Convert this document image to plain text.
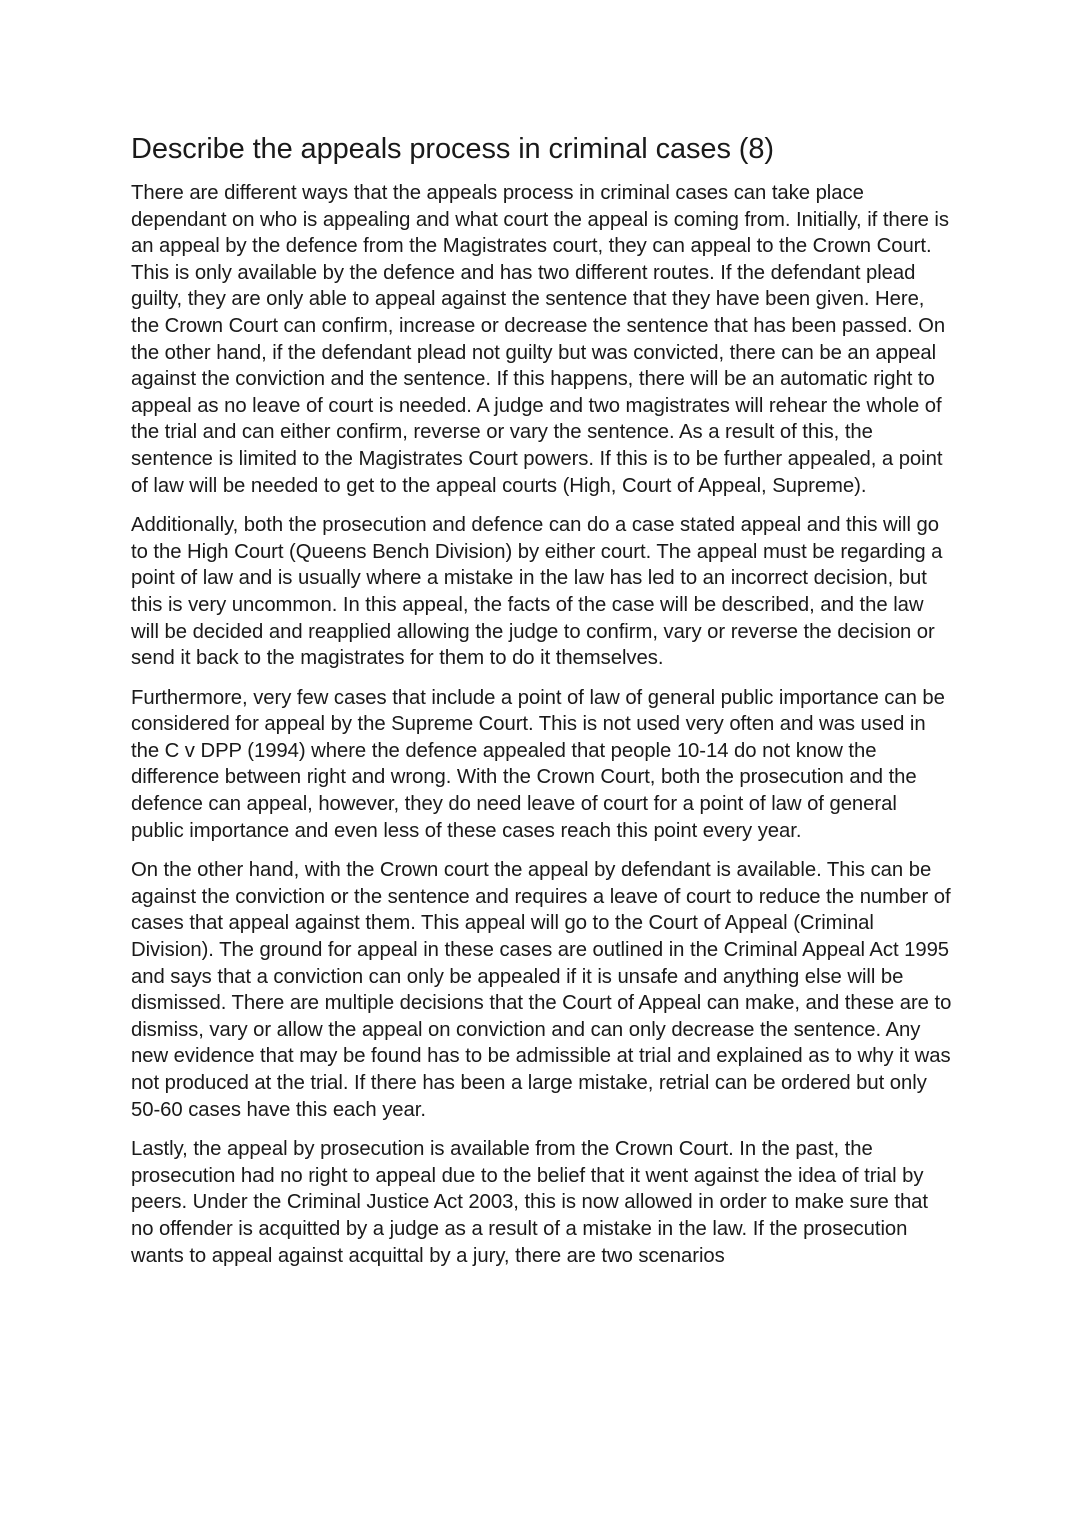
Describe the appeals process in criminal cases (8)

There are different ways that the appeals process in criminal cases can take place dependant on who is appealing and what court the appeal is coming from. Initially, if there is an appeal by the defence from the Magistrates court, they can appeal to the Crown Court. This is only available by the defence and has two different routes. If the defendant plead guilty, they are only able to appeal against the sentence that they have been given. Here, the Crown Court can confirm, increase or decrease the sentence that has been passed. On the other hand, if the defendant plead not guilty but was convicted, there can be an appeal against the conviction and the sentence. If this happens, there will be an automatic right to appeal as no leave of court is needed. A judge and two magistrates will rehear the whole of the trial and can either confirm, reverse or vary the sentence. As a result of this, the sentence is limited to the Magistrates Court powers. If this is to be further appealed, a point of law will be needed to get to the appeal courts (High, Court of Appeal, Supreme).

Additionally, both the prosecution and defence can do a case stated appeal and this will go to the High Court (Queens Bench Division) by either court. The appeal must be regarding a point of law and is usually where a mistake in the law has led to an incorrect decision, but this is very uncommon. In this appeal, the facts of the case will be described, and the law will be decided and reapplied allowing the judge to confirm, vary or reverse the decision or send it back to the magistrates for them to do it themselves.

Furthermore, very few cases that include a point of law of general public importance can be considered for appeal by the Supreme Court. This is not used very often and was used in the C v DPP (1994) where the defence appealed that people 10-14 do not know the difference between right and wrong. With the Crown Court, both the prosecution and the defence can appeal, however, they do need leave of court for a point of law of general public importance and even less of these cases reach this point every year.

On the other hand, with the Crown court the appeal by defendant is available. This can be against the conviction or the sentence and requires a leave of court to reduce the number of cases that appeal against them. This appeal will go to the Court of Appeal (Criminal Division). The ground for appeal in these cases are outlined in the Criminal Appeal Act 1995 and says that a conviction can only be appealed if it is unsafe and anything else will be dismissed. There are multiple decisions that the Court of Appeal can make, and these are to dismiss, vary or allow the appeal on conviction and can only decrease the sentence. Any new evidence that may be found has to be admissible at trial and explained as to why it was not produced at the trial. If there has been a large mistake, retrial can be ordered but only 50-60 cases have this each year.

Lastly, the appeal by prosecution is available from the Crown Court. In the past, the prosecution had no right to appeal due to the belief that it went against the idea of trial by peers. Under the Criminal Justice Act 2003, this is now allowed in order to make sure that no offender is acquitted by a judge as a result of a mistake in the law. If the prosecution wants to appeal against acquittal by a jury, there are two scenarios
